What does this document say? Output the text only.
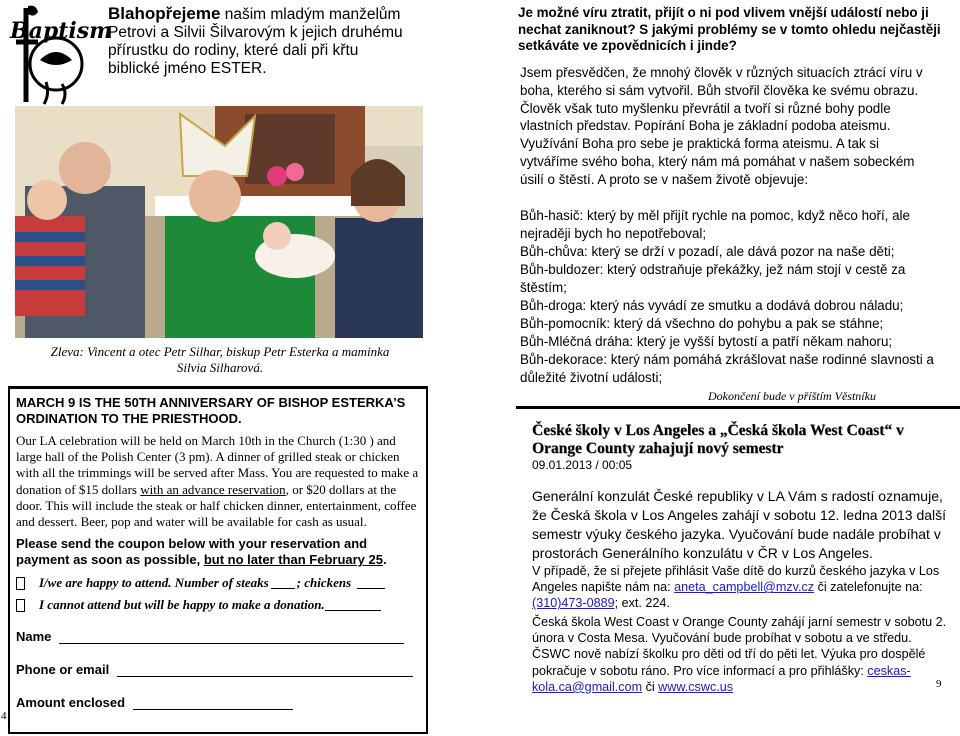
Baptism
Blahopřejeme našim mladým manželům Petrovi a Silvii Šilvarovým k jejich druhému přírustku do rodiny, které dali při křtu biblické jméno ESTER.
Zleva: Vincent a otec Petr Silhar, biskup Petr Esterka a maminka Silvia Silharová.

MARCH 9 IS THE 50TH ANNIVERSARY OF BISHOP ESTERKA’S ORDINATION TO THE PRIESTHOOD.

Our LA celebration will be held on March 10th in the Church (1:30 ) and large hall of the Polish Center (3 pm). A dinner of grilled steak or chicken with all the trimmings will be served after Mass. You are requested to make a donation of $15 dollars with an advance reservation, or $20 dollars at the door. This will include the steak or half chicken dinner, entertainment, coffee and dessert. Beer, pop and water will be available for cash as usual.

Please send the coupon below with your reservation and payment as soon as possible, but no later than February 25.

I/we are happy to attend. Number of steaks ; chickens
I cannot attend but will be happy to make a donation.
Name
Phone or email
Amount enclosed
4
Je možné víru ztratit, přijít o ni pod vlivem vnější událostí nebo ji nechat zaniknout? S jakými problémy se v tomto ohledu nejčastěji setkáváte ve zpovědnicích i jinde?
Jsem přesvědčen, že mnohý člověk v různých situacích ztrácí víru v boha, kterého si sám vytvořil. Bůh stvořil člověka ke svému obrazu. Člověk však tuto myšlenku převrátil a tvoří si různé bohy podle vlastních představ. Popírání Boha je základní podoba ateismu. Využívání Boha pro sebe je praktická forma ateismu. A tak si vytváříme svého boha, který nám má pomáhat v našem sobeckém úsilí o štěstí. A proto se v našem životě objevuje:
Bůh-hasič: který by měl přijít rychle na pomoc, když něco hoří, ale nejraději bych ho nepotřeboval;
Bůh-chůva: který se drží v pozadí, ale dává pozor na naše děti;
Bůh-buldozer: který odstraňuje překážky, jež nám stojí v cestě za štěstím;
Bůh-droga: který nás vyvádí ze smutku a dodává dobrou náladu;
Bůh-pomocník: který dá všechno do pohybu a pak se stáhne;
Bůh-Mléčná dráha: který je vyšší bytostí a patří někam nahoru;
Bůh-dekorace: který nám pomáhá zkrášlovat naše rodinné slavnosti a důležité životní události;
Dokončení bude v příštím Věstníku
České školy v Los Angeles a „Česká škola West Coast“ v Orange County zahajují nový semestr
09.01.2013 / 00:05
Generální konzulát České republiky v LA Vám s radostí oznamuje, že Česká škola v Los Angeles zahájí v sobotu 12. ledna 2013 další semestr výuky českého jazyka. Vyučování bude nadále probíhat v prostorách Generálního konzulátu v ČR v Los Angeles.
V případě, že si přejete přihlásit Vaše dítě do kurzů českého jazyka v Los Angeles napište nám na: aneta_campbell@mzv.cz či zatelefonujte na: (310)473-0889; ext. 224.
Česká škola West Coast v Orange County zahájí jarní semestr v sobotu 2. února v Costa Mesa. Vyučování bude probíhat v sobotu a ve středu. ČSWC nově nabízí školku pro děti od tří do pěti let. Výuka pro dospělé pokračuje v sobotu ráno. Pro více informací a pro přihlášky: ceskas-kola.ca@gmail.com či www.cswc.us	9
